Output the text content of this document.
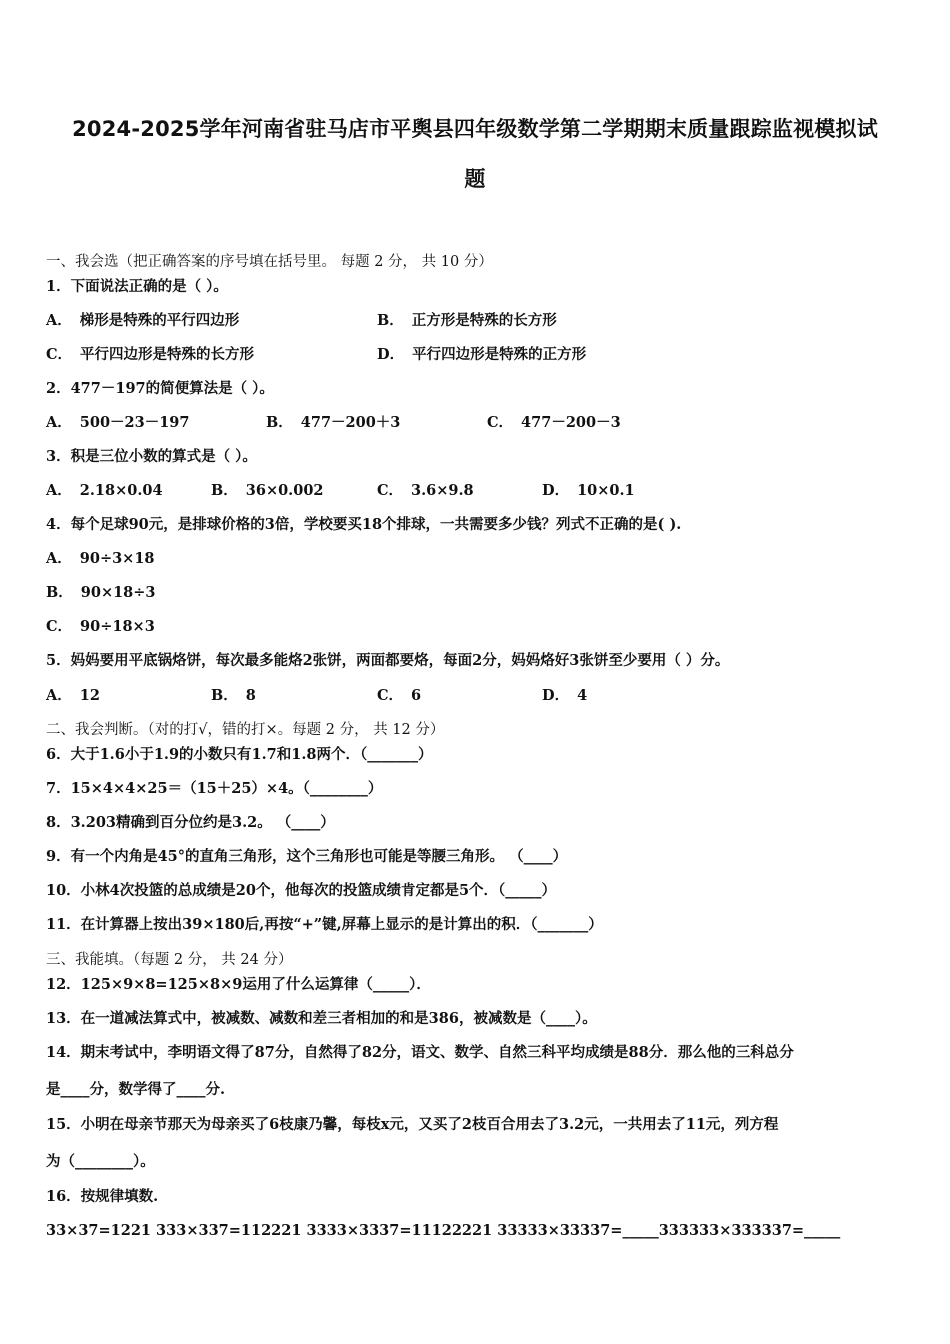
2024-2025学年河南省驻马店市平舆县四年级数学第二学期期末质量跟踪监视模拟试
题
一、我会选（把正确答案的序号填在括号里。 每题 2 分， 共 10 分）
1．下面说法正确的是（ ）。
A． 梯形是特殊的平行四边形	B． 正方形是特殊的长方形
C． 平行四边形是特殊的长方形	D． 平行四边形是特殊的正方形
2．477－197的简便算法是（ ）。
A． 500－23－197	B． 477－200＋3	C． 477－200－3
3．积是三位小数的算式是（ ）。
A． 2.18×0.04	B． 36×0.002	C． 3.6×9.8	D． 10×0.1
4．每个足球90元，是排球价格的3倍，学校要买18个排球，一共需要多少钱？列式不正确的是( ).
A． 90÷3×18
B． 90×18÷3
C． 90÷18×3
5．妈妈要用平底锅烙饼，每次最多能烙2张饼，两面都要烙，每面2分，妈妈烙好3张饼至少要用（ ）分。
A． 12	B． 8	C． 6	D． 4
二、我会判断。（对的打√，错的打×。每题 2 分， 共 12 分）
6．大于1.6小于1.9的小数只有1.7和1.8两个．（_______）
7．15×4×4×25＝（15＋25）×4。（________）
8．3.203精确到百分位约是3.2。 （____）
9．有一个内角是45°的直角三角形，这个三角形也可能是等腰三角形。 （____）
10．小林4次投篮的总成绩是20个，他每次的投篮成绩肯定都是5个．（_____）
11．在计算器上按出39×180后,再按“+”键,屏幕上显示的是计算出的积．（_______）
三、我能填。（每题 2 分， 共 24 分）
12．125×9×8=125×8×9运用了什么运算律（_____）．
13．在一道减法算式中，被减数、减数和差三者相加的和是386，被减数是（____）。
14．期末考试中，李明语文得了87分，自然得了82分，语文、数学、自然三科平均成绩是88分．那么他的三科总分
是____分，数学得了____分.
15．小明在母亲节那天为母亲买了6枝康乃馨，每枝x元，又买了2枝百合用去了3.2元，一共用去了11元，列方程
为（________）。
16．按规律填数.
33×37=1221 333×337=112221 3333×3337=11122221 33333×33337=_____333333×333337=_____
